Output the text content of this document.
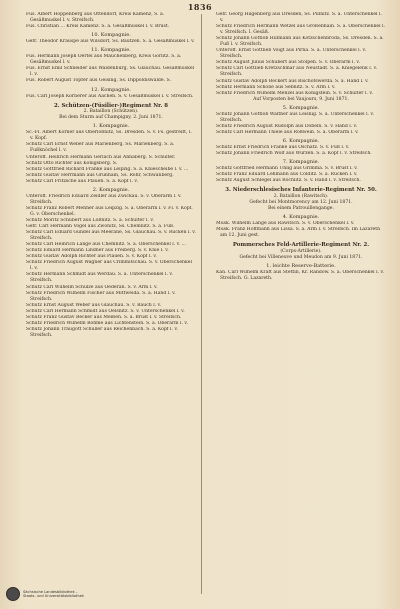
1836
Füs. Albert Hoppenberg aus Ottendorf, Kreis Kamenz, S. a. Gesäßmuskel l. v. Streifsch.
Füs. Christian ... Kreis Kamenz. S. a. Gesäßmuskel l. v. Brust.
10. Kompagnie.
Gefr. Theodor Krauspe aus Wilsdorf, Ss. Bautzen. S. a. Gesäßmuskel l. v.
11. Kompagnie.
Füs. Hermann Joseph Oertel aus Mauchenberg, Kreis Görlitz. S. a. Gesäßmuskel l. v.
Füs. Ernst Emil Schneider aus Waldenburg, Ss. Glauchau. Gesäßmuskel l. v.
Füs. Robert August Töpfer aus Geising, Ss. Dippoldiswalde. S.
12. Kompagnie.
Füs. Carl Joseph Körnerer aus Aachen. S. v. Gesäßmuskel l. v. Streifsch.
2. Schützen-(Füsilier-)Regiment Nr. 8
2. Bataillon (Schützen).
Bei dem Sturm auf Champigny, 2. Juni 1871.
1. Kompagnie.
Sc.-Fl. Albert Körner aus Oberlößnitz, Ss. Dresden. S. v. Fs. gestreift, l. v. Kopf.
Schütz Carl Ernst Weber aus Marienberg, Ss. Marienberg. S. a. Fußknöchel l. v.
Unteroff. Heinrich Hermann Gerlach aus Annaberg. S. Schulter.
Schütz Otto Richter aus Königsberg. S.
Schütz Gottfried Richard Franke aus Leipzig. S. a. Kniescheibe l. v. ...
Schütz Gustav Herrmann aus Grünhain, Ss. Rohr, Schwanberg.
Schütz Carl Fritzsche aus Plauen. S. a. Kopf l. v.
2. Kompagnie.
Unteroff. Friedrich Eduard Zeidler aus Zwickau. S. v. Oberarm l. v. Streifsch.
Schütz Franz Robert Mehner aus Leipzig. S. a. Oberarm l. v. Fl. v. Kopf. G. v. Oberschenkel.
Schütz Moritz Schubert aus Lößnitz. S. a. Schulter l. v.
Gefr. Carl Hermann Vogel aus Zwönitz, Ss. Chemnitz. S. a. Fuß.
Schütz Carl Eduard Gündel aus Meerane, Ss. Glauchau. S. v. Rücken l. v. Streifsch.
Schütz Carl Heinrich Lange aus Chemnitz. S. a. Oberschenkel l. v. ...
Schütz Eduard Hermann Lindner aus Freiberg. S. v. Knie l. v.
Schütz Gustav Adolph Richter aus Plauen. S. v. Kopf l. v.
Schütz Friedrich August Wagner aus Crimmitschau. S. v. Oberschenkel l. v.
Schütz Hermann Schmidt aus Werdau. S. a. Unterschenkel l. v. Streifsch.
Schütz Carl Wilhelm Schulze aus Oederan. S. v. Arm l. v.
Schütz Friedrich Wilhelm Fischer aus Mittweida. S. a. Hand l. v. Streifsch.
Schütz Ernst August Weber aus Glauchau. S. v. Bauch l. v.
Schütz Carl Hermann Schmidt aus Oelsnitz. S. v. Unterschenkel l. v.
Schütz Franz Gustav Becker aus Meißen. S. a. Brust l. v. Streifsch.
Schütz Friedrich Wilhelm Böhme aus Lichtenstein. S. a. Oberarm l. v.
Schütz Johann Traugott Schüller aus Reichenbach. S. a. Kopf l. v. Streifsch.
Gefr. Georg Hilgenberg aus Dresden, Ss. Pillnitz. S. a. Unterschenkel l. v.
Schütz Friedrich Hermann Wetzel aus Großenhain. S. a. Oberschenkel l. v. Streifsch. l. Gesäß.
Schütz Johann Gottlob Hillmann aus Kötzschenbroda, Ss. Dresden. S. a. Fuß l. v. Streifsch.
Unteroff. Ernst Gottlieb Voigt aus Pirna. S. a. Unterschenkel l. v. Streifsch.
Schütz August Julius Schubert aus Stolpen. S. v. Oberarm l. v.
Schütz Carl Gottlieb Kretzschmar aus Neustadt. S. a. Kniegelenk l. v. Streifsch.
Schütz Gustav Adolph Beckert aus Bischofswerda. S. a. Hand l. v.
Schütz Hermann Schöne aus Sebnitz. S. v. Arm l. v.
Schütz Friedrich Wilhelm Menzel aus Königstein. S. v. Schulter l. v.
Auf Vorposten bei Vaujours, 9. Juni 1871.
5. Kompagnie.
Schütz Johann Gottlob Walther aus Leisnig. S. a. Unterschenkel l. v. Streifsch.
Schütz Friedrich August Rudolph aus Döbeln. S. v. Hand l. v.
Schütz Carl Hermann Thiele aus Roßwein. S. a. Oberarm l. v.
6. Kompagnie.
Schütz Ernst Friedrich Franke aus Oschatz. S. v. Fuß l. v.
Schütz Johann Friedrich Wolf aus Wurzen. S. a. Kopf l. v. Streifsch.
7. Kompagnie.
Schütz Gottfried Hermann Uhlig aus Grimma. S. v. Brust l. v.
Schütz Franz Eduard Lehmann aus Colditz. S. a. Rücken l. v.
Schütz August Schlegel aus Rochlitz. S. v. Hand l. v. Streifsch.
3. Niederschlesisches Infanterie-Regiment Nr. 50.
2. Bataillon (Rawitsch).
Gefecht bei Montmorency am 12. Juni 1871.
Bei einem Patrouillengange.
4. Kompagnie.
Musk. Wilhelm Lange aus Rawitsch. S. v. Oberschenkel l. v.
Musk. Franz Hoffmann aus Lissa. S. a. Arm l. v. Streifsch. Im Lazareth am 12. Juni gest.
Pommersches Feld-Artillerie-Regiment Nr. 2.
(Corps-Artillerie).
Gefecht bei Villeneuve und Meudon am 9. Juni 1871.
1. leichte Reserve-Batterie.
Kan. Carl Wilhelm Kraft aus Stettin, Kr. Randow. S. a. Oberschenkel l. v. Streifsch. G. Lazareth.
Sächsische Landesbibliothek –
Staats- und Universitätsbibliothek
